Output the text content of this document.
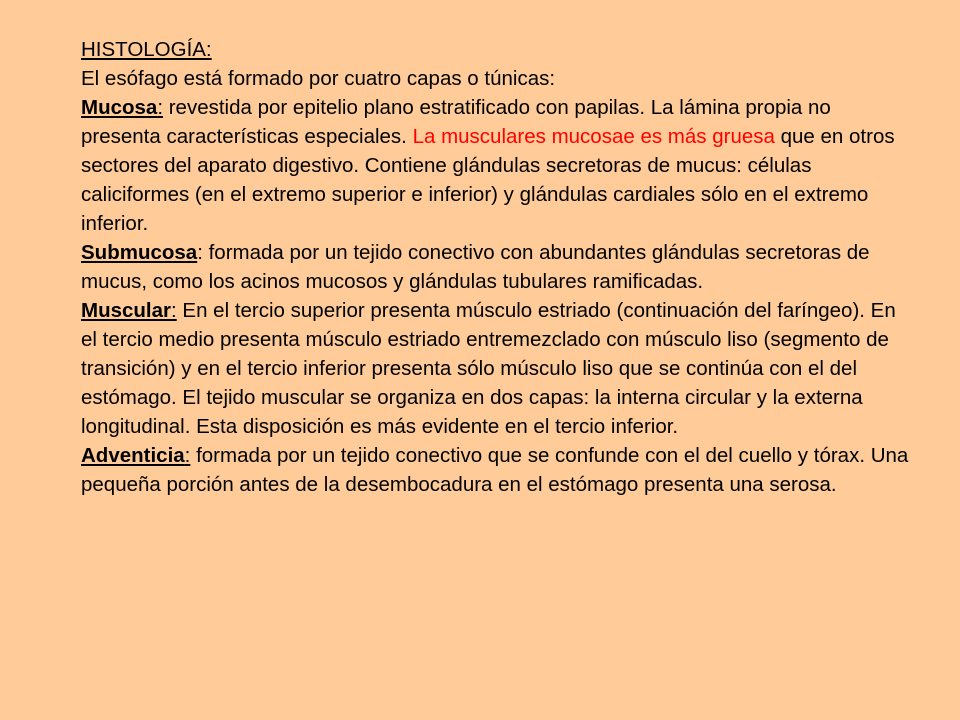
HISTOLOGÍA:

El esófago está formado por cuatro capas o túnicas:

Mucosa: revestida por epitelio plano estratificado con papilas. La lámina propia no presenta características especiales. La musculares mucosae es más gruesa que en otros sectores del aparato digestivo. Contiene glándulas secretoras de mucus: células caliciformes (en el extremo superior e inferior) y glándulas cardiales sólo en el extremo inferior.

Submucosa: formada por un tejido conectivo con abundantes glándulas secretoras de mucus, como los acinos mucosos y glándulas tubulares ramificadas.

Muscular: En el tercio superior presenta músculo estriado (continuación del faríngeo). En el tercio medio presenta músculo estriado entremezclado con músculo liso (segmento de transición) y en el tercio inferior presenta sólo músculo liso que se continúa con el del estómago. El tejido muscular se organiza en dos capas: la interna circular y la externa longitudinal. Esta disposición es más evidente en el tercio inferior.

Adventicia: formada por un tejido conectivo que se confunde con el del cuello y tórax. Una pequeña porción antes de la desembocadura en el estómago presenta una serosa.
